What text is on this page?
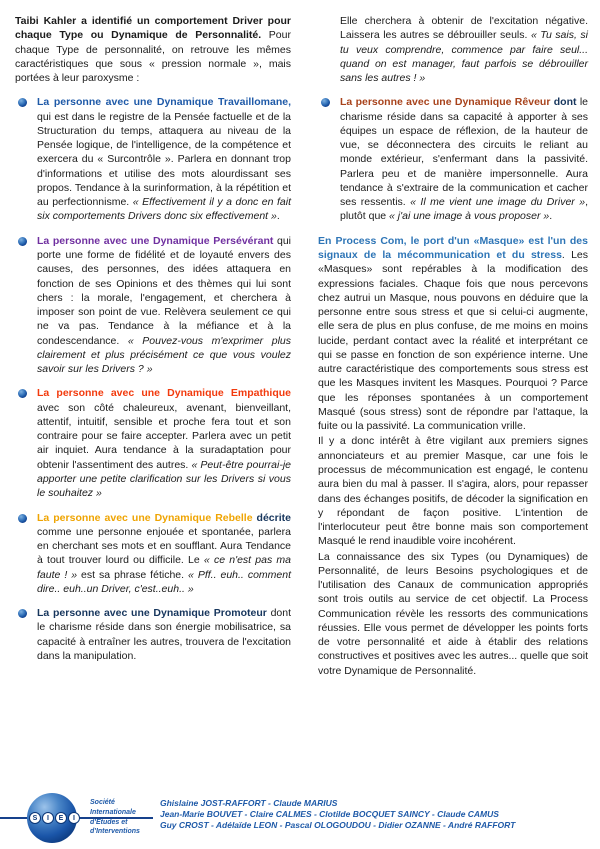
Taibi Kahler a identifié un comportement Driver pour chaque Type ou Dynamique de Personnalité. Pour chaque Type de personnalité, on retrouve les mêmes caractéristiques que sous « pression normale », mais portées à leur paroxysme :
La personne avec une Dynamique Travaillomane, qui est dans le registre de la Pensée factuelle et de la Structuration du temps, attaquera au niveau de la Pensée logique, de l'intelligence, de la compétence et exercera du « Surcontrôle ». Parlera en donnant trop d'informations et utilise des mots alourdissant ses propos. Tendance à la surinformation, à la répétition et au perfectionnisme. « Effectivement il y a donc en fait six comportements Drivers donc six effectivement ».
La personne avec une Dynamique Persévérant qui porte une forme de fidélité et de loyauté envers des causes, des personnes, des idées attaquera en fonction de ses Opinions et des thèmes qui lui sont chers : la morale, l'engagement, et cherchera à imposer son point de vue. Relèvera seulement ce qui ne va pas. Tendance à la méfiance et à la condescendance. « Pouvez-vous m'exprimer plus clairement et plus précisément ce que vous voulez savoir sur les Drivers ? »
La personne avec une Dynamique Empathique avec son côté chaleureux, avenant, bienveillant, attentif, intuitif, sensible et proche fera tout et son contraire pour se faire accepter. Parlera avec un petit air inquiet. Aura tendance à la suradaptation pour obtenir l'assentiment des autres. « Peut-être pourrai-je apporter une petite clarification sur les Drivers si vous le souhaitez »
La personne avec une Dynamique Rebelle décrite comme une personne enjouée et spontanée, parlera en cherchant ses mots et en soufflant. Aura Tendance à tout trouver lourd ou difficile. Le « ce n'est pas ma faute ! » est sa phrase fétiche. « Pff.. euh.. comment dire.. euh..un Driver, c'est..euh.. »
La personne avec une Dynamique Promoteur dont le charisme réside dans son énergie mobilisatrice, sa capacité à entraîner les autres, trouvera de l'excitation dans la manipulation.
Elle cherchera à obtenir de l'excitation négative. Laissera les autres se débrouiller seuls. « Tu sais, si tu veux comprendre, commence par faire seul... quand on est manager, faut parfois se débrouiller sans les autres ! »
La personne avec une Dynamique Rêveur dont le charisme réside dans sa capacité à apporter à ses équipes un espace de réflexion, de la hauteur de vue, se déconnectera des circuits le reliant au monde extérieur, s'enfermant dans la passivité. Parlera peu et de manière impersonnelle. Aura tendance à s'extraire de la communication et cacher ses ressentis. « Il me vient une image du Driver », plutôt que « j'ai une image à vous proposer ».
En Process Com, le port d'un «Masque» est l'un des signaux de la mécommunication et du stress. Les «Masques» sont repérables à la modification des expressions faciales. Chaque fois que nous percevons chez autrui un Masque, nous pouvons en déduire que la personne entre sous stress et que si celui-ci augmente, elle sera de plus en plus confuse, de me moins en moins lucide, perdant contact avec la réalité et interprétant ce qui se passe en fonction de son expérience interne. Une autre caractéristique des comportements sous stress est que les Masques invitent les Masques. Pourquoi ? Parce que les réponses spontanées à un comportement Masqué (sous stress) sont de répondre par l'attaque, la fuite ou la passivité. La communication vrille.
Il y a donc intérêt à être vigilant aux premiers signes annonciateurs et au premier Masque, car une fois le processus de mécommunication est engagé, le contenu aura bien du mal à passer. Il s'agira, alors, pour repasser dans des échanges positifs, de décoder la signification en y répondant de façon positive. L'intention de l'interlocuteur peut être bonne mais son comportement Masqué le rend inaudible voire incohérent.
La connaissance des six Types (ou Dynamiques) de Personnalité, de leurs Besoins psychologiques et de l'utilisation des Canaux de communication appropriés sont trois outils au service de cet objectif. La Process Communication révèle les ressorts des communications réussies. Elle vous permet de développer les points forts de votre personnalité et aide à établir des relations constructives et positives avec les autres... quelle que soit votre Dynamique de Personnalité.
S	I	E	I
Société Internationale
d'Etudes et d'Interventions
Ghislaine JOST-RAFFORT - Claude MARIUS
Jean-Marie BOUVET - Claire CALMES - Clotilde BOCQUET SAINCY - Claude CAMUS
Guy CROST - Adélaïde LEON - Pascal OLOGOUDOU - Didier OZANNE - André RAFFORT
